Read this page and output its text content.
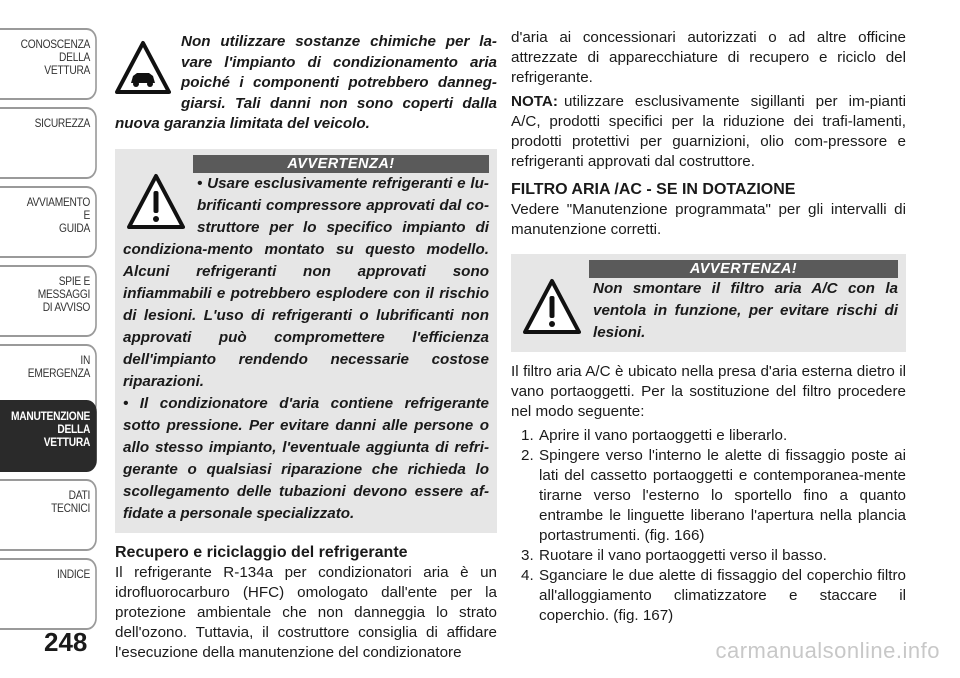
CONOSCENZA
DELLA
VETTURA
SICUREZZA
AVVIAMENTO
E
GUIDA
SPIE E
MESSAGGI
DI AVVISO
IN
EMERGENZA
MANUTENZIONE
DELLA
VETTURA
DATI
TECNICI
INDICE
248
Non utilizzare sostanze chimiche per la-vare l'impianto di condizionamento aria poiché i componenti potrebbero danneg-giarsi. Tali danni non sono coperti dalla nuova garanzia limitata del veicolo.
AVVERTENZA!

• Usare esclusivamente refrigeranti e lu-brificanti compressore approvati dal co-struttore per lo specifico impianto di condiziona-mento montato su questo modello. Alcuni refrigeranti non approvati sono infiammabili e potrebbero esplodere con il rischio di lesioni. L'uso di refrigeranti o lubrificanti non approvati può compromettere l'efficienza dell'impianto rendendo necessarie costose riparazioni.

• Il condizionatore d'aria contiene refrigerante sotto pressione. Per evitare danni alle persone o allo stesso impianto, l'eventuale aggiunta di refri-gerante o qualsiasi riparazione che richieda lo scollegamento delle tubazioni devono essere af-fidate a personale specializzato.

Recupero e riciclaggio del refrigerante

Il refrigerante R-134a per condizionatori aria è un idrofluorocarburo (HFC) omologato dall'ente per la protezione ambientale che non danneggia lo strato dell'ozono. Tuttavia, il costruttore consiglia di affidare l'esecuzione della manutenzione del condizionatore

d'aria ai concessionari autorizzati o ad altre officine attrezzate di apparecchiature di recupero e riciclo del refrigerante.

NOTA: utilizzare esclusivamente sigillanti per im-pianti A/C, prodotti specifici per la riduzione dei trafi-lamenti, prodotti protettivi per guarnizioni, olio com-pressore e refrigeranti approvati dal costruttore.

FILTRO ARIA /AC - SE IN DOTAZIONE

Vedere "Manutenzione programmata" per gli intervalli di manutenzione corretti.

AVVERTENZA!

Non smontare il filtro aria A/C con la ventola in funzione, per evitare rischi di lesioni.

Il filtro aria A/C è ubicato nella presa d'aria esterna dietro il vano portaoggetti. Per la sostituzione del filtro procedere nel modo seguente:

1. Aprire il vano portaoggetti e liberarlo.
2. Spingere verso l'interno le alette di fissaggio poste ai lati del cassetto portaoggetti e contemporanea-mente tirarne verso l'esterno lo sportello fino a quanto entrambe le linguette liberano l'apertura nella plancia portastrumenti. (fig. 166)
3. Ruotare il vano portaoggetti verso il basso.
4. Sganciare le due alette di fissaggio del coperchio filtro all'alloggiamento climatizzatore e staccare il coperchio. (fig. 167)
carmanualsonline.info
